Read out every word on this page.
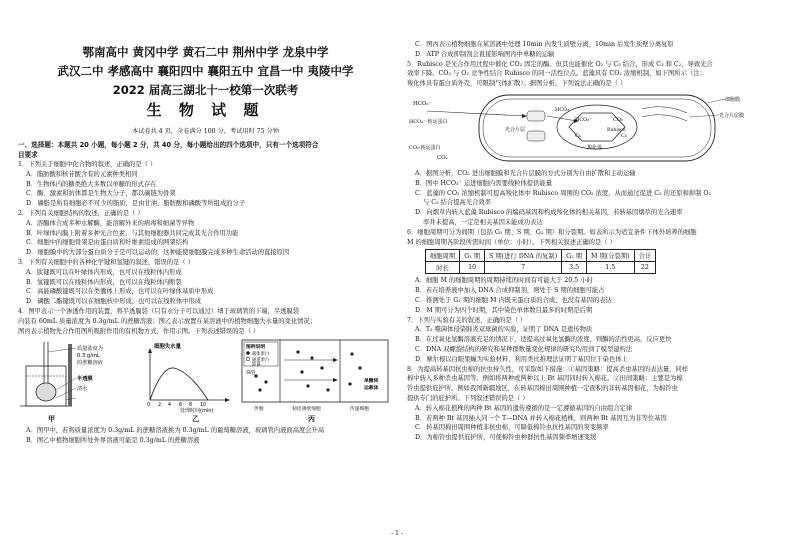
鄂南高中 黄冈中学 黄石二中 荆州中学 龙泉中学
武汉二中 孝感高中 襄阳四中 襄阳五中 宜昌一中 夷陵中学
2022 届高三湖北十一校第一次联考
生 物 试 题
本试卷共 4 页，全卷满分 100 分，考试用时 75 分钟
一、选择题：本题共 20 小题，每小题 2 分，共 40 分，每小题给出的四个选项中，只有一个选项符合
目要求
1．下列关于细胞中化合物的叙述，正确的是（ ）
A．脂肪酸和核苷酸含有的元素种类相同
B．生物体内的糖类绝大多数以单糖的形式存在
C．酶、激素和抗体都是生物大分子，都以碳链为骨架
D．磷脂是所有细胞必不可少的脂质，是由甘油、脂肪酸和磷酸等所组成的分子
2．下列有关细胞结构的叙述，正确的是（ ）
A．溶酶体合成多种水解酶，能溶解外来的病毒和细菌等异物
B．叶绿体内膜上附着多种光合色素，与其他细胞器共同完成其光合作用功能
C．细胞中的细胞骨架是由蛋白质和纤维素组成的网架结构
D．细胞膜中的大部分蛋白质分子是可以运动的，这种能使细胞膜完成多种生命活动的直接原因
3．下列有关细胞中的各种化学键和氢键的叙述，错误的是（ ）
A．肽键既可以在叶绿体内形成，也可以在线粒体内形成
B．氢键既可以在线粒体内形成，也可以在线粒体内断裂
C．高能磷酸键既可以在类囊体上形成，也可以在叶绿体基质中形成
D．磷酸二酯键既可以在细胞核中形成，也可以在线粒体中形成
4．图甲表示一个渗透作用的装置，将半透膜袋（只有水分子可以通过）缚于玻璃管的下端，半透膜袋
内装有 60mL 质量浓度为 0.3g/mL 的蔗糖溶液；图乙表示放置在某溶液中的植物细胞失水量的变化情况；
图丙表示植物先合作用图所吸附作用的有机物方式，作用示图。下列表述错误的是（ ）
质量浓度为
0.3 g/mL
的蔗糖溶液
半透膜
清水
甲
细胞失水量
处理时间(min)
0 2 4 6 8 10
乙
图例说明
载体蛋白
通道蛋白
能量
筛管
单糖转
运载体
伴胞	韧皮薄壁细胞	传递细胞
丙
A．图甲中，若将质量浓度为 0.3g/mL 的蔗糖溶液换为 0.3g/mL 的葡萄糖溶液，玻璃管内液面高度会升高
B．图乙中植物细胞所处外界溶液可能是 0.3g/mL 的蔗糖溶液
C．图丙表示植物细胞在某溶液中处理 10min 内发生质壁分离，10min 后发生质壁分离复原
D．ATP 合成抑制剂会直接影响图丙中单糖的运输
5．Rubisco 是光合作用过程中催化 CO₂ 固定的酶。但其也能催化 O₂ 与 C₅ 结合，形成 C₃ 和 C₂，导致光合
效率下降。CO₂ 与 O₂ 竞争性结合 Rubisco 的同一活性位点。蓝藻具有 CO₂ 浓缩机制，如下图所示（注：
羧化体具有蛋白质外壳，可限制气体扩散）。据图分析，下列说法正确的是（ ）
HCO₃⁻
HCO₃⁻
HCO₃⁻	CO₂
HCO₃⁻-转运蛋白
CO₂-转运蛋白	羧化体
光合片层
细胞膜
Rubisco
C₅	C₃
光合片层膜
CO₂
A．据图分析，CO₂ 进出细胞膜和光合片层膜的方式分别为自由扩散和主动运输
B．图中 HCO₃⁻ 运进细胞内需要线粒体提供能量
C．蓝藻的 CO₂ 浓缩机制可提高羧化体中 Rubisco 周围的 CO₂ 浓度，从而通过促进 C₃ 的还原和抑制 O₂
与 C₅ 结合提高光合效率
D．向烟草内转入蓝藻 Rubisco 的编码基因和构成羧化体的相关基因，若转基因烟草的光合速率
率并未提高，一定是相关基因未能成功表达
6．细胞周期可分为间期（包括 G₁ 期、S 期、G₂ 期）和分裂期。如表所示为适宜条件下体外培养的细胞
M 的细胞周期各阶段所需时间（单位：小时）。下列相关叙述正确的是（ ）
细胞周期	G₁ 期	S 期(进行 DNA 的复制)	G₂ 期	M 期(分裂期)	合计
时长	10	7	3.5	1.5	22
A．细胞 M 的细胞周期的周期持续的时间有可能大于 20.5 小时
B．若在培养液中加入 DNA 合成抑制剂，则处于 S 期的细胞可能占
C．推测处于 G₁ 期的细胞 M 内既无蛋白质的合成，也没有基因的表达
D．M 期可分为四个时期，其中染色单体数目最多的时期是后期
7．下列与实验有关的叙述，正确的是（ ）
A．T₂ 噬菌体侵染肺炎双球菌的实验，证明了 DNA 是遗传物质
B．在过氧化氢酶溶液充足的情况下，适提高过氧化氢酶的浓度，则酶的活性更高，反应更快
C．DNA 双螺旋结构的研究和某种群数量变化规律的研究均用到了模型建构法
D．摩尔根以白眼果蝇为实验材料，利用类比推理法证明了基因位于染色体上
8．为提高转基因抗虫棉的抗虫持久性，可采取如下措施：①基因策略：提高杀虫基因的表达量，同样
棉中转入多种杀虫基因等。例如将两种或两种以上 Bt 基因同时转入棉花。②田间策略：主要是为棉
铃虫提供庇护所。例如我国新疆地区，在转基因棉田周围种植一定面积的非转基因棉花，为棉铃虫
提供专门的庇护所。下列叙述错误的是（ ）
A．转入棉花植株的两种 Bt 基因的遗传遵循的是一定遵循基因的自由组合定律
B．若两种 Bt 基因插入同一个 T—DNA 并转入棉花植株，则两种 Bt 基因互为非等位基因
C．转基因棉田周围种植非抗虫棉，可降低棉铃虫抗性基因的突变频率
D．为棉铃虫提供庇护所，可使棉铃虫种群抗性基因频率增速变缓
- 1 -
